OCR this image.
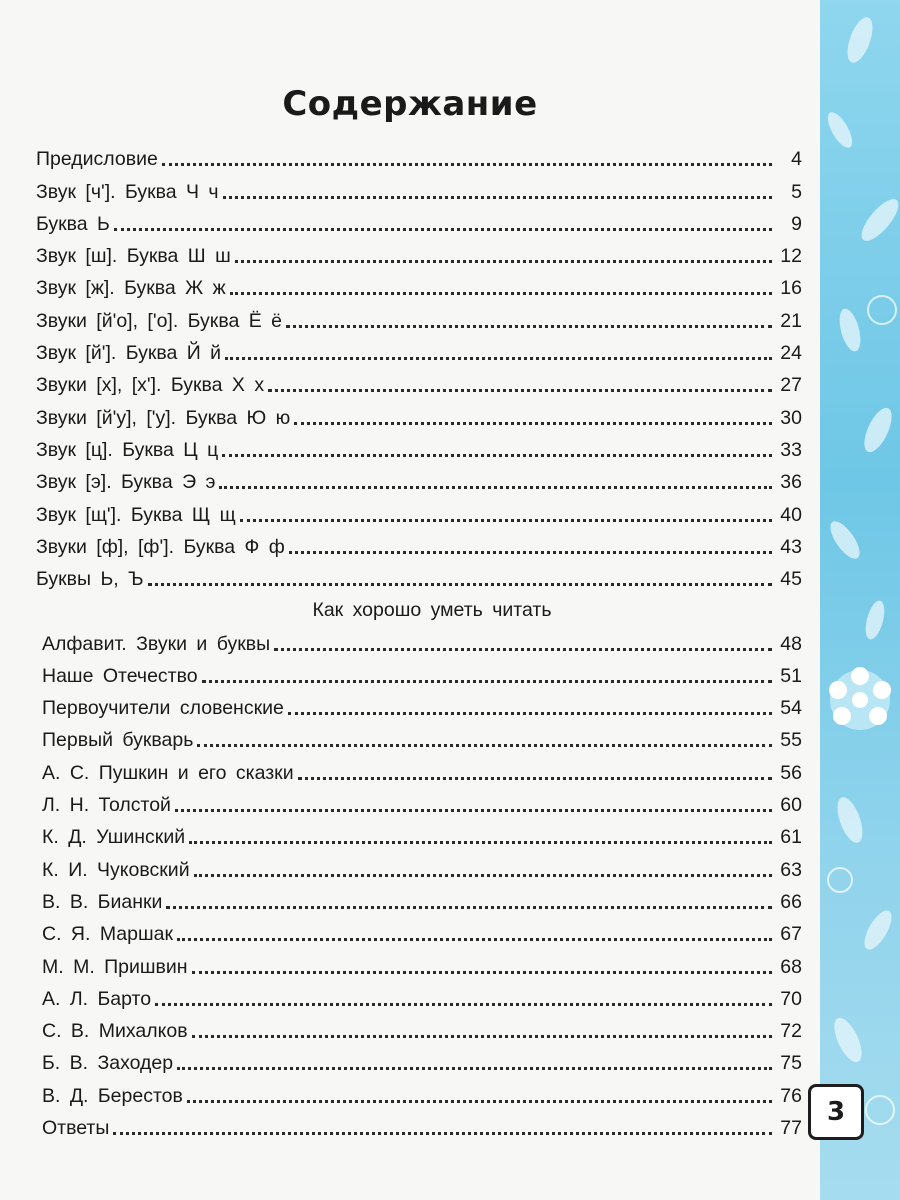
Содержание
Предисловие	4
Звук [ч']. Буква Ч ч	5
Буква Ь	9
Звук [ш]. Буква Ш ш	12
Звук [ж]. Буква Ж ж	16
Звуки [й'о], ['о]. Буква Ё ё	21
Звук [й']. Буква Й й	24
Звуки [х], [х']. Буква Х х	27
Звуки [й'у], ['у]. Буква Ю ю	30
Звук [ц]. Буква Ц ц	33
Звук [э]. Буква Э э	36
Звук [щ']. Буква Щ щ	40
Звуки [ф], [ф']. Буква Ф ф	43
Буквы Ь, Ъ	45
Как хорошо уметь читать
Алфавит. Звуки и буквы	48
Наше Отечество	51
Первоучители словенские	54
Первый букварь	55
А. С. Пушкин и его сказки	56
Л. Н. Толстой	60
К. Д. Ушинский	61
К. И. Чуковский	63
В. В. Бианки	66
С. Я. Маршак	67
М. М. Пришвин	68
А. Л. Барто	70
С. В. Михалков	72
Б. В. Заходер	75
В. Д. Берестов	76
Ответы	77
3
